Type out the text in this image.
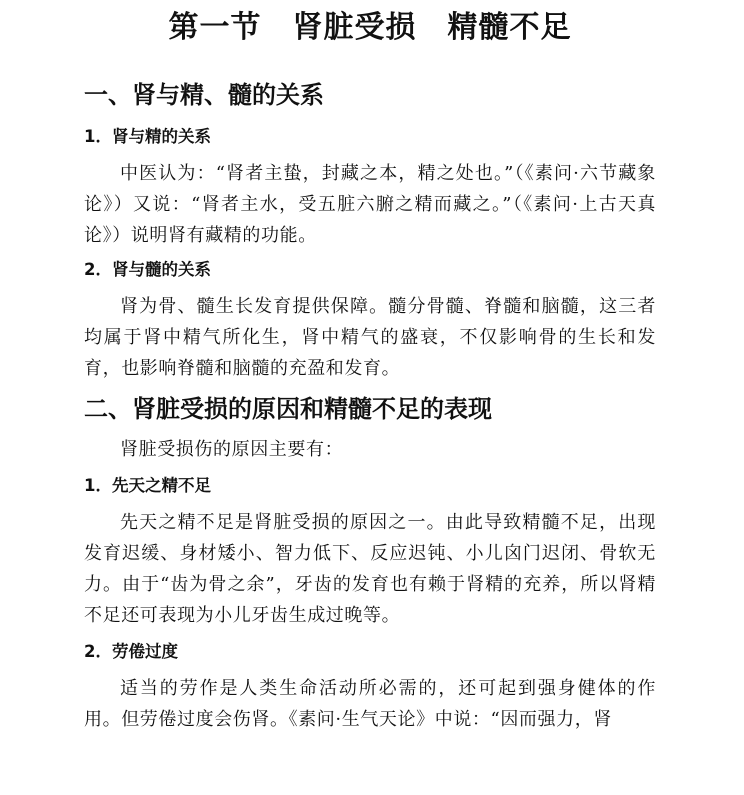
第一节　肾脏受损　精髓不足
一、肾与精、髓的关系
1．肾与精的关系

中医认为：“肾者主蛰，封藏之本，精之处也。”（《素问·六节藏象论》）又说：“肾者主水，受五脏六腑之精而藏之。”（《素问·上古天真论》）说明肾有藏精的功能。

2．肾与髓的关系

肾为骨、髓生长发育提供保障。髓分骨髓、脊髓和脑髓，这三者均属于肾中精气所化生，肾中精气的盛衰，不仅影响骨的生长和发育，也影响脊髓和脑髓的充盈和发育。

二、肾脏受损的原因和精髓不足的表现

肾脏受损伤的原因主要有：

1．先天之精不足

先天之精不足是肾脏受损的原因之一。由此导致精髓不足，出现发育迟缓、身材矮小、智力低下、反应迟钝、小儿囟门迟闭、骨软无力。由于“齿为骨之余”，牙齿的发育也有赖于肾精的充养，所以肾精不足还可表现为小儿牙齿生成过晚等。

2．劳倦过度

适当的劳作是人类生命活动所必需的，还可起到强身健体的作用。但劳倦过度会伤肾。《素问·生气天论》中说：“因而强力，肾
